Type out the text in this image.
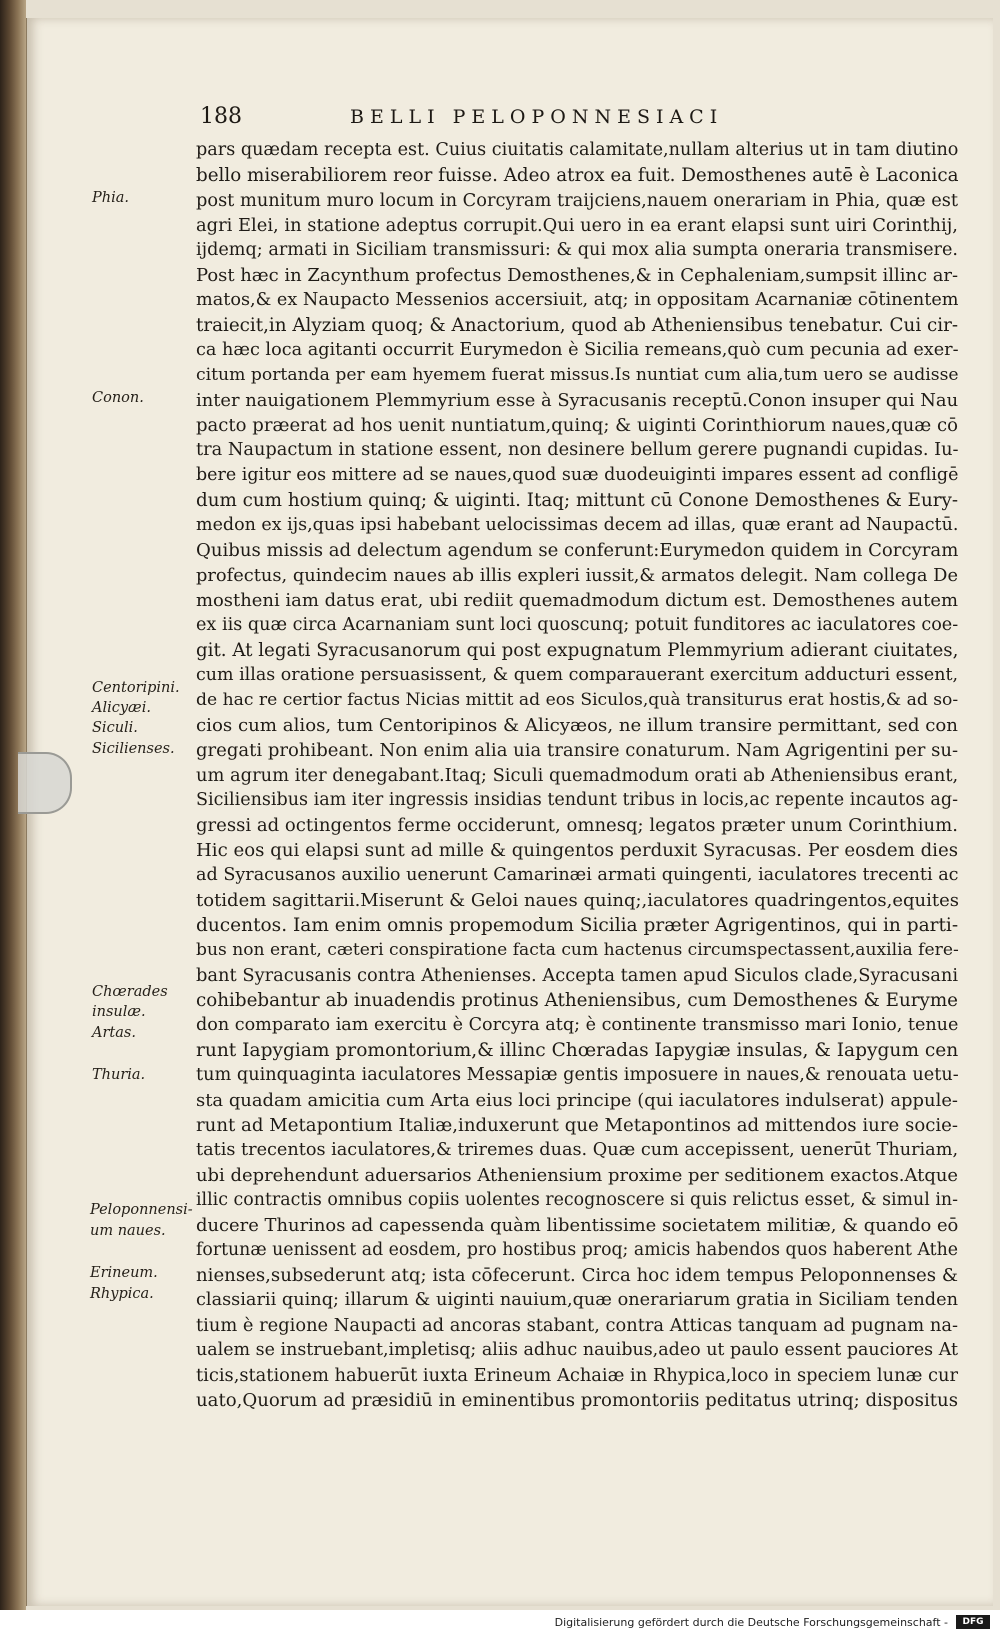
188	BELLI PELOPONNESIACI
Phia.
Conon.
Centoripini.
Alicyæi.
Siculi.
Sicilienses.
Chœrades
insulæ.
Artas.
Thuria.
Peloponnensi-
um naues.
Erineum.
Rhypica.
pars quædam recepta est. Cuius ciuitatis calamitate,nullam alterius ut in tam diutino
bello miserabiliorem reor fuisse. Adeo atrox ea fuit. Demosthenes autē è Laconica
post munitum muro locum in Corcyram traijciens,nauem onerariam in Phia, quæ est
agri Elei, in statione adeptus corrupit.Qui uero in ea erant elapsi sunt uiri Corinthij,
ijdemq; armati in Siciliam transmissuri: & qui mox alia sumpta oneraria transmisere.
Post hæc in Zacynthum profectus Demosthenes,& in Cephaleniam,sumpsit illinc ar-
matos,& ex Naupacto Messenios accersiuit, atq; in oppositam Acarnaniæ cōtinentem
traiecit,in Alyziam quoq; & Anactorium, quod ab Atheniensibus tenebatur. Cui cir-
ca hæc loca agitanti occurrit Eurymedon è Sicilia remeans,quò cum pecunia ad exer-
citum portanda per eam hyemem fuerat missus.Is nuntiat cum alia,tum uero se audisse
inter nauigationem Plemmyrium esse à Syracusanis receptū.Conon insuper qui Nau
pacto præerat ad hos uenit nuntiatum,quinq; & uiginti Corinthiorum naues,quæ cō
tra Naupactum in statione essent, non desinere bellum gerere pugnandi cupidas. Iu-
bere igitur eos mittere ad se naues,quod suæ duodeuiginti impares essent ad confligē
dum cum hostium quinq; & uiginti. Itaq; mittunt cū Conone Demosthenes & Eury-
medon ex ijs,quas ipsi habebant uelocissimas decem ad illas, quæ erant ad Naupactū.
Quibus missis ad delectum agendum se conferunt:Eurymedon quidem in Corcyram
profectus, quindecim naues ab illis expleri iussit,& armatos delegit. Nam collega De
mostheni iam datus erat, ubi rediit quemadmodum dictum est. Demosthenes autem
ex iis quæ circa Acarnaniam sunt loci quoscunq; potuit funditores ac iaculatores coe-
git. At legati Syracusanorum qui post expugnatum Plemmyrium adierant ciuitates,
cum illas oratione persuasissent, & quem comparauerant exercitum adducturi essent,
de hac re certior factus Nicias mittit ad eos Siculos,quà transiturus erat hostis,& ad so-
cios cum alios, tum Centoripinos & Alicyæos, ne illum transire permittant, sed con
gregati prohibeant. Non enim alia uia transire conaturum. Nam Agrigentini per su-
um agrum iter denegabant.Itaq; Siculi quemadmodum orati ab Atheniensibus erant,
Siciliensibus iam iter ingressis insidias tendunt tribus in locis,ac repente incautos ag-
gressi ad octingentos ferme occiderunt, omnesq; legatos præter unum Corinthium.
Hic eos qui elapsi sunt ad mille & quingentos perduxit Syracusas. Per eosdem dies
ad Syracusanos auxilio uenerunt Camarinæi armati quingenti, iaculatores trecenti ac
totidem sagittarii.Miserunt & Geloi naues quinq;,iaculatores quadringentos,equites
ducentos. Iam enim omnis propemodum Sicilia præter Agrigentinos, qui in parti-
bus non erant, cæteri conspiratione facta cum hactenus circumspectassent,auxilia fere-
bant Syracusanis contra Athenienses. Accepta tamen apud Siculos clade,Syracusani
cohibebantur ab inuadendis protinus Atheniensibus, cum Demosthenes & Euryme
don comparato iam exercitu è Corcyra atq; è continente transmisso mari Ionio, tenue
runt Iapygiam promontorium,& illinc Chœradas Iapygiæ insulas, & Iapygum cen
tum quinquaginta iaculatores Messapiæ gentis imposuere in naues,& renouata uetu-
sta quadam amicitia cum Arta eius loci principe (qui iaculatores indulserat) appule-
runt ad Metapontium Italiæ,induxerunt que Metapontinos ad mittendos iure socie-
tatis trecentos iaculatores,& triremes duas. Quæ cum accepissent, uenerūt Thuriam,
ubi deprehendunt aduersarios Atheniensium proxime per seditionem exactos.Atque
illic contractis omnibus copiis uolentes recognoscere si quis relictus esset, & simul in-
ducere Thurinos ad capessenda quàm libentissime societatem militiæ, & quando eō
fortunæ uenissent ad eosdem, pro hostibus proq; amicis habendos quos haberent Athe
nienses,subsederunt atq; ista cōfecerunt. Circa hoc idem tempus Peloponnenses &
classiarii quinq; illarum & uiginti nauium,quæ onerariarum gratia in Siciliam tenden
tium è regione Naupacti ad ancoras stabant, contra Atticas tanquam ad pugnam na-
ualem se instruebant,impletisq; aliis adhuc nauibus,adeo ut paulo essent pauciores At
ticis,stationem habuerūt iuxta Erineum Achaiæ in Rhypica,loco in speciem lunæ cur
uato,Quorum ad præsidiū in eminentibus promontoriis peditatus utrinq; dispositus
Digitalisierung gefördert durch die Deutsche Forschungsgemeinschaft -	DFG
